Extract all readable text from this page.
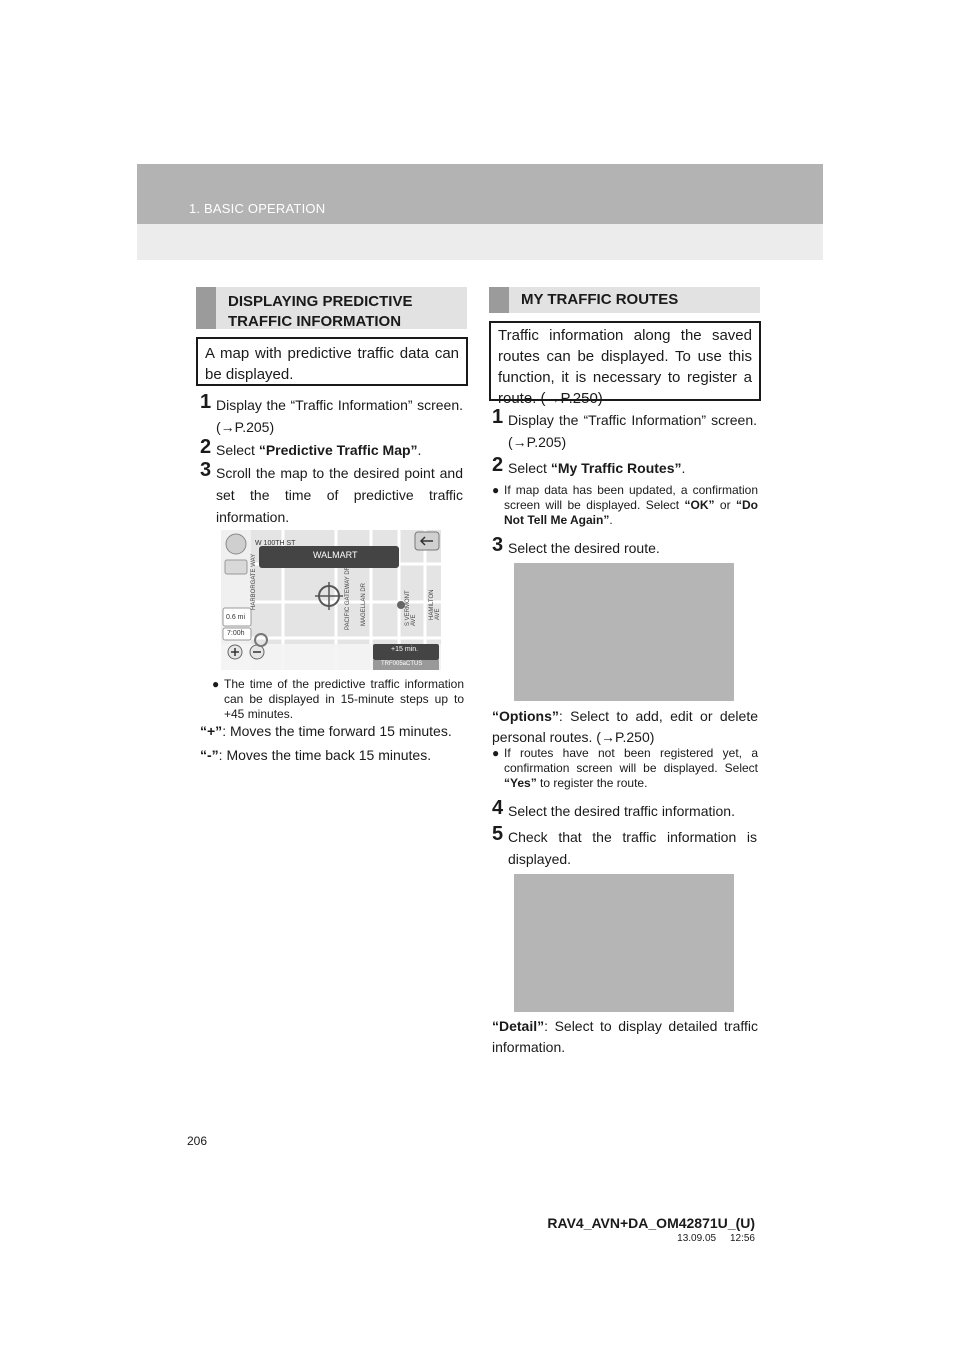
1. BASIC OPERATION
DISPLAYING PREDICTIVE TRAFFIC INFORMATION
A map with predictive traffic data can be displayed.
1 Display the “Traffic Information” screen. (→P.205)
2 Select “Predictive Traffic Map”.
3 Scroll the map to the desired point and set the time of predictive traffic information.
W 100TH ST
WALMART
HARBORGATE WAY	PACIFIC GATEWAY DR MAGELLAN DR	S VERMONT AVE
HAMILTON AVE
0.6 mi
7:00h
+15 min.
TRF005aCTUS
● The time of the predictive traffic information can be displayed in 15-minute steps up to +45 minutes.
“+”: Moves the time forward 15 minutes.
“-”: Moves the time back 15 minutes.
MY TRAFFIC ROUTES
Traffic information along the saved routes can be displayed. To use this function, it is necessary to register a route. (→P.250)
1 Display the “Traffic Information” screen. (→P.205)
2 Select “My Traffic Routes”.
● If map data has been updated, a confirmation screen will be displayed. Select “OK” or “Do Not Tell Me Again”.
3 Select the desired route.
“Options”: Select to add, edit or delete personal routes. (→P.250)
● If routes have not been registered yet, a confirmation screen will be displayed. Select “Yes” to register the route.
4 Select the desired traffic information.
5 Check that the traffic information is displayed.
“Detail”: Select to display detailed traffic information.
206
RAV4_AVN+DA_OM42871U_(U)
13.09.05     12:56
